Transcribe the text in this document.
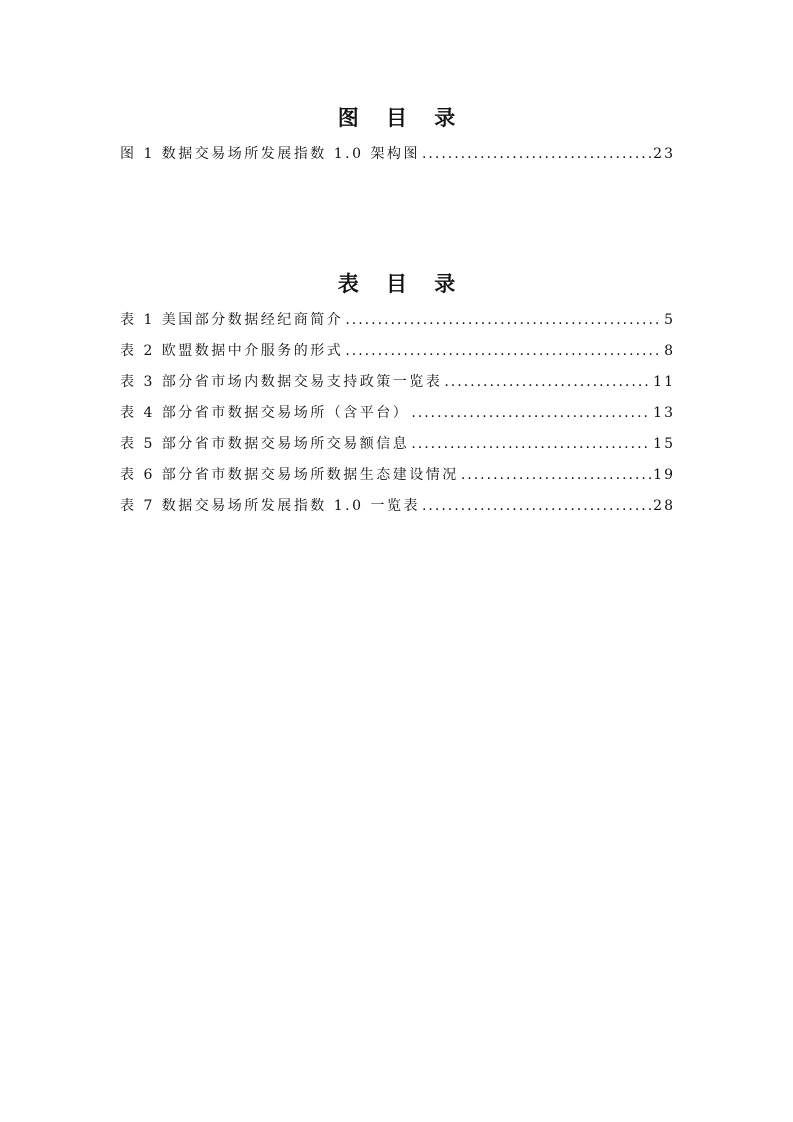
图 目 录
图 1 数据交易场所发展指数 1.0 架构图 .....	23
表 目 录
表 1 美国部分数据经纪商简介 .....	5
表 2 欧盟数据中介服务的形式 .....	8
表 3 部分省市场内数据交易支持政策一览表 .....	11
表 4 部分省市数据交易场所（含平台） .....	13
表 5 部分省市数据交易场所交易额信息 .....	15
表 6 部分省市数据交易场所数据生态建设情况 .....	19
表 7 数据交易场所发展指数 1.0 一览表 .....	28
